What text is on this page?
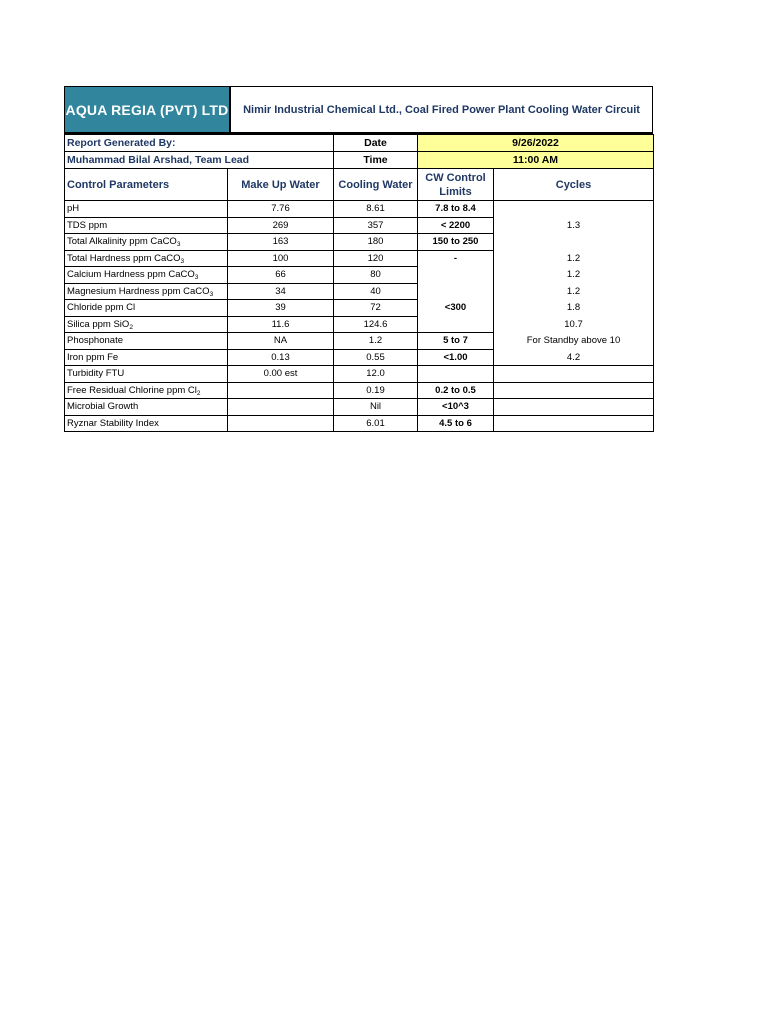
AQUA REGIA (PVT) LTD	Nimir Industrial Chemical Ltd., Coal Fired Power Plant Cooling Water Circuit
Report Generated By:		Date	9/26/2022	
Muhammad Bilal Arshad, Team Lead		Time	11:00 AM	
Control Parameters	Make Up Water	Cooling Water	CW Control Limits	Cycles
pH	7.76	8.61	7.8 to 8.4	
TDS ppm	269	357	< 2200	1.3
Total Alkalinity ppm CaCO$_3$	163	180	150 to 250	
Total Hardness ppm CaCO$_3$	100	120	-	1.2
Calcium Hardness ppm CaCO$_3$	66	80		1.2
Magnesium Hardness ppm CaCO$_3$	34	40		1.2
Chloride ppm Cl	39	72	<300	1.8
Silica ppm SiO$_2$	11.6	124.6		10.7
Phosphonate	NA	1.2	5 to 7	For Standby above 10
Iron ppm Fe	0.13	0.55	<1.00	4.2
Turbidity FTU	0.00 est	12.0		
Free Residual Chlorine ppm $Cl_2$		0.19	0.2 to 0.5	
Microbial Growth		Nil	<10^3	
Ryznar Stability Index		6.01	4.5 to 6	
